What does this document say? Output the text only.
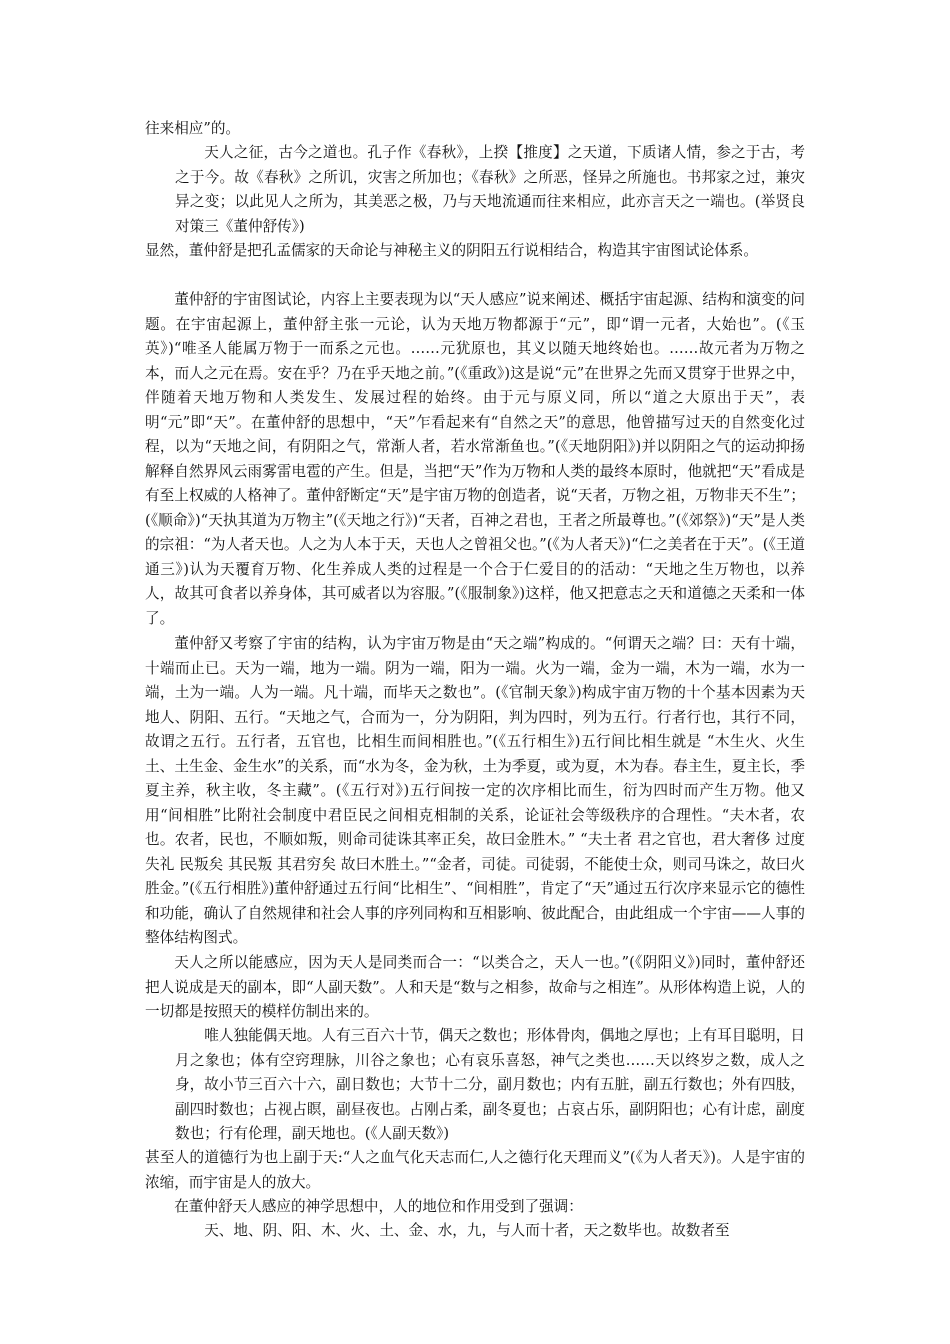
往来相应”的。

天人之征，古今之道也。孔子作《春秋》，上揆【推度】之天道，下质诸人情，参之于古，考之于今。故《春秋》之所讥，灾害之所加也；《春秋》之所恶，怪异之所施也。书邦家之过，兼灾异之变；以此见人之所为，其美恶之极，乃与天地流通而往来相应，此亦言天之一端也。(举贤良对策三《董仲舒传》)

显然，董仲舒是把孔孟儒家的天命论与神秘主义的阴阳五行说相结合，构造其宇宙图试论体系。

董仲舒的宇宙图试论，内容上主要表现为以“天人感应”说来阐述、概括宇宙起源、结构和演变的问题。在宇宙起源上，董仲舒主张一元论，认为天地万物都源于“元”，即“谓一元者，大始也”。(《玉英》)“唯圣人能属万物于一而系之元也。……元犹原也，其义以随天地终始也。……故元者为万物之本，而人之元在焉。安在乎？乃在乎天地之前。”(《重政》)这是说“元”在世界之先而又贯穿于世界之中，伴随着天地万物和人类发生、发展过程的始终。由于元与原义同，所以“道之大原出于天”，表明“元”即“天”。在董仲舒的思想中，“天”乍看起来有“自然之天”的意思，他曾描写过天的自然变化过程，以为“天地之间，有阴阳之气，常渐人者，若水常渐鱼也。”(《天地阴阳》)并以阴阳之气的运动抑扬解释自然界风云雨雾雷电雹的产生。但是，当把“天”作为万物和人类的最终本原时，他就把“天”看成是有至上权威的人格神了。董仲舒断定“天”是宇宙万物的创造者，说“天者，万物之祖，万物非天不生”；(《顺命》)“天执其道为万物主”(《天地之行》)“天者，百神之君也，王者之所最尊也。”(《郊祭》)“天”是人类的宗祖：“为人者天也。人之为人本于天，天也人之曾祖父也。”(《为人者天》)“仁之美者在于天”。(《王道通三》)认为天覆育万物、化生养成人类的过程是一个合于仁爱目的的活动：“天地之生万物也，以养人，故其可食者以养身体，其可威者以为容服。”(《服制象》)这样，他又把意志之天和道德之天柔和一体了。

董仲舒又考察了宇宙的结构，认为宇宙万物是由“天之端”构成的。“何谓天之端？曰：天有十端，十端而止已。天为一端，地为一端。阴为一端，阳为一端。火为一端，金为一端，木为一端，水为一端，土为一端。人为一端。凡十端，而毕天之数也”。(《官制天象》)构成宇宙万物的十个基本因素为天地人、阴阳、五行。“天地之气，合而为一，分为阴阳，判为四时，列为五行。行者行也，其行不同，故谓之五行。五行者，五官也，比相生而间相胜也。”(《五行相生》)五行间比相生就是 “木生火、火生土、土生金、金生水”的关系，而“水为冬，金为秋，土为季夏，或为夏，木为春。春主生，夏主长，季夏主养，秋主收，冬主藏”。(《五行对》)五行间按一定的次序相比而生，衍为四时而产生万物。他又用“间相胜”比附社会制度中君臣民之间相克相制的关系，论证社会等级秩序的合理性。“夫木者，农也。农者，民也，不顺如叛，则命司徒诛其率正矣，故曰金胜木。” “夫土者 君之官也，君大奢侈 过度失礼 民叛矣 其民叛 其君穷矣 故曰木胜土。”“金者，司徒。司徒弱，不能使士众，则司马诛之，故曰火胜金。”(《五行相胜》)董仲舒通过五行间“比相生”、“间相胜”，肯定了“天”通过五行次序来显示它的德性和功能，确认了自然规律和社会人事的序列同构和互相影响、彼此配合，由此组成一个宇宙——人事的整体结构图式。

天人之所以能感应，因为天人是同类而合一：“以类合之，天人一也。”(《阴阳义》)同时，董仲舒还把人说成是天的副本，即“人副天数”。人和天是“数与之相参，故命与之相连”。从形体构造上说，人的一切都是按照天的模样仿制出来的。

唯人独能偶天地。人有三百六十节，偶天之数也；形体骨肉，偶地之厚也；上有耳目聪明，日月之象也；体有空窍理脉，川谷之象也；心有哀乐喜怒，神气之类也……天以终岁之数，成人之身，故小节三百六十六，副日数也；大节十二分，副月数也；内有五脏，副五行数也；外有四肢，副四时数也；占视占瞑，副昼夜也。占刚占柔，副冬夏也；占哀占乐，副阴阳也；心有计虑，副度数也；行有伦理，副天地也。(《人副天数》)

甚至人的道德行为也上副于天:“人之血气化天志而仁,人之德行化天理而义”(《为人者天》)。人是宇宙的浓缩，而宇宙是人的放大。

在董仲舒天人感应的神学思想中，人的地位和作用受到了强调：

天、地、阴、阳、木、火、土、金、水，九，与人而十者，天之数毕也。故数者至
